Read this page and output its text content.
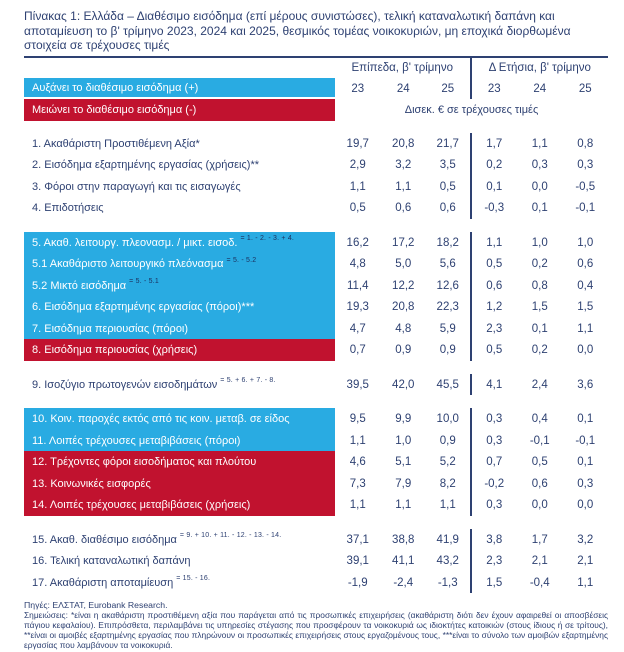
Πίνακας 1: Ελλάδα – Διαθέσιμο εισόδημα (επί μέρους συνιστώσες), τελική καταναλωτική δαπάνη και αποταμίευση το β' τρίμηνο 2023, 2024 και 2025, θεσμικός τομέας νοικοκυριών, μη εποχικά διορθωμένα στοιχεία σε τρέχουσες τιμές
Επίπεδα, β' τρίμηνο	Δ Ετήσια, β' τρίμηνο
Αυξάνει το διαθέσιμο εισόδημα (+)	23	24	25	23	24	25
Μειώνει το διαθέσιμο εισόδημα (-)	Δισεκ. € σε τρέχουσες τιμές
1. Ακαθάριστη Προστιθέμενη Αξία*	19,7	20,8	21,7	1,7	1,1	0,8
2. Εισόδημα εξαρτημένης εργασίας (χρήσεις)**	2,9	3,2	3,5	0,2	0,3	0,3
3. Φόροι στην παραγωγή και τις εισαγωγές	1,1	1,1	0,5	0,1	0,0	-0,5
4. Επιδοτήσεις	0,5	0,6	0,6	-0,3	0,1	-0,1
5. Ακαθ. λειτουργ. πλεονασμ. / μικτ. εισοδ. = 1. - 2. - 3. + 4.	16,2	17,2	18,2	1,1	1,0	1,0
5.1 Ακαθάριστο λειτουργικό πλεόνασμα = 5. - 5.2	4,8	5,0	5,6	0,5	0,2	0,6
5.2 Μικτό εισόδημα = 5. - 5.1	11,4	12,2	12,6	0,6	0,8	0,4
6. Εισόδημα εξαρτημένης εργασίας (πόροι)***	19,3	20,8	22,3	1,2	1,5	1,5
7. Εισόδημα περιουσίας (πόροι)	4,7	4,8	5,9	2,3	0,1	1,1
8. Εισόδημα περιουσίας (χρήσεις)	0,7	0,9	0,9	0,5	0,2	0,0
9. Ισοζύγιο πρωτογενών εισοδημάτων = 5. + 6. + 7. - 8.	39,5	42,0	45,5	4,1	2,4	3,6
10. Κοιν. παροχές εκτός από τις κοιν. μεταβ. σε είδος	9,5	9,9	10,0	0,3	0,4	0,1
11. Λοιπές τρέχουσες μεταβιβάσεις (πόροι)	1,1	1,0	0,9	0,3	-0,1	-0,1
12. Τρέχοντες φόροι εισοδήματος και πλούτου	4,6	5,1	5,2	0,7	0,5	0,1
13. Κοινωνικές εισφορές	7,3	7,9	8,2	-0,2	0,6	0,3
14. Λοιπές τρέχουσες μεταβιβάσεις (χρήσεις)	1,1	1,1	1,1	0,3	0,0	0,0
15. Ακαθ. διαθέσιμο εισόδημα = 9. + 10. + 11. - 12. - 13. - 14.	37,1	38,8	41,9	3,8	1,7	3,2
16. Τελική καταναλωτική δαπάνη	39,1	41,1	43,2	2,3	2,1	2,1
17. Ακαθάριστη αποταμίευση = 15. - 16.	-1,9	-2,4	-1,3	1,5	-0,4	1,1
Πηγές: ΕΛΣΤΑΤ, Eurobank Research.
Σημειώσεις: *είναι η ακαθάριστη προστιθέμενη αξία που παράγεται από τις προσωπικές επιχειρήσεις (ακαθάριστη διότι δεν έχουν αφαιρεθεί οι αποσβέσεις πάγιου κεφαλαίου). Επιπρόσθετα, περιλαμβάνει τις υπηρεσίες στέγασης που προσφέρουν τα νοικοκυριά ως ιδιοκτήτες κατοικιών (στους ίδιους ή σε τρίτους), **είναι οι αμοιβές εξαρτημένης εργασίας που πληρώνουν οι προσωπικές επιχειρήσεις στους εργαζομένους τους, ***είναι το σύνολο των αμοιβών εξαρτημένης εργασίας που λαμβάνουν τα νοικοκυριά.
